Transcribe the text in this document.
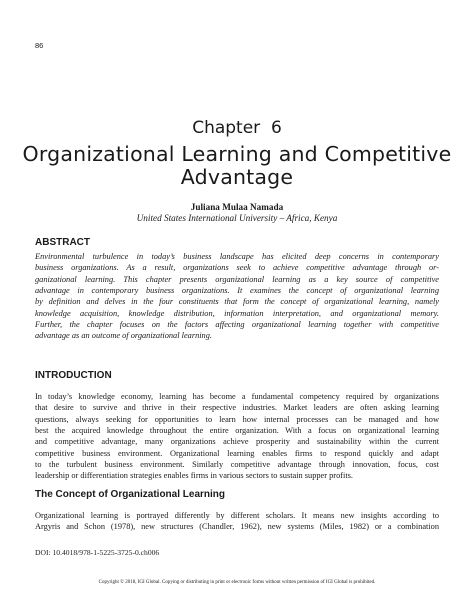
86
Chapter  6
Organizational Learning and Competitive Advantage
Juliana Mulaa Namada
United States International University – Africa, Kenya
ABSTRACT
Environmental turbulence in today’s business landscape has elicited deep concerns in contemporary
business organizations. As a result, organizations seek to achieve competitive advantage through or-
ganizational learning. This chapter presents organizational learning as a key source of competitive
advantage in contemporary business organizations. It examines the concept of organizational learning
by definition and delves in the four constituents that form the concept of organizational learning, namely
knowledge acquisition, knowledge distribution, information interpretation, and organizational memory.
Further, the chapter focuses on the factors affecting organizational learning together with competitive
advantage as an outcome of organizational learning.
INTRODUCTION
In today’s knowledge economy, learning has become a fundamental competency required by organizations
that desire to survive and thrive in their respective industries. Market leaders are often asking learning
questions, always seeking for opportunities to learn how internal processes can be managed and how
best the acquired knowledge throughout the entire organization. With a focus on organizational learning
and competitive advantage, many organizations achieve prosperity and sustainability within the current
competitive business environment. Organizational learning enables firms to respond quickly and adapt
to the turbulent business environment. Similarly competitive advantage through innovation, focus, cost
leadership or differentiation strategies enables firms in various sectors to sustain supper profits.
The Concept of Organizational Learning
Organizational learning is portrayed differently by different scholars. It means new insights according to
Argyris and Schon (1978), new structures (Chandler, 1962), new systems (Miles, 1982) or a combination
DOI: 10.4018/978-1-5225-3725-0.ch006
Copyright © 2018, IGI Global. Copying or distributing in print or electronic forms without written permission of IGI Global is prohibited.
